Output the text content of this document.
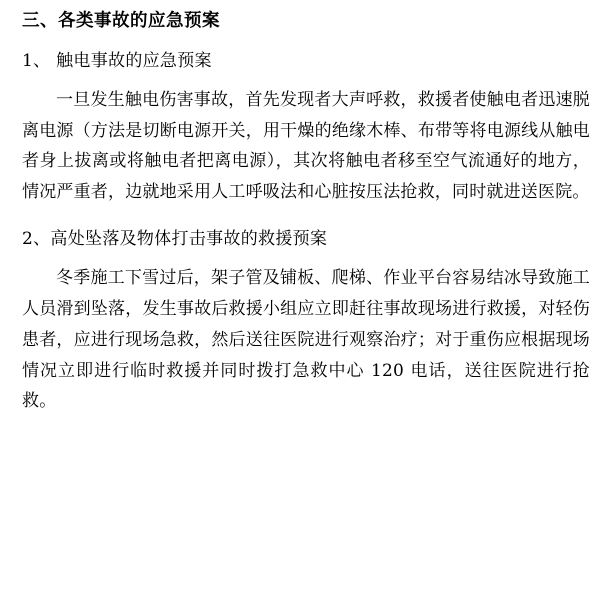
三、各类事故的应急预案
1、 触电事故的应急预案

一旦发生触电伤害事故，首先发现者大声呼救，救援者使触电者迅速脱离电源（方法是切断电源开关，用干燥的绝缘木棒、布带等将电源线从触电者身上拔离或将触电者把离电源），其次将触电者移至空气流通好的地方，情况严重者，边就地采用人工呼吸法和心脏按压法抢救，同时就进送医院。

2、高处坠落及物体打击事故的救援预案

冬季施工下雪过后，架子管及铺板、爬梯、作业平台容易结冰导致施工人员滑到坠落，发生事故后救援小组应立即赶往事故现场进行救援，对轻伤患者，应进行现场急救，然后送往医院进行观察治疗；对于重伤应根据现场情况立即进行临时救援并同时拨打急救中心 120 电话，送往医院进行抢救。
